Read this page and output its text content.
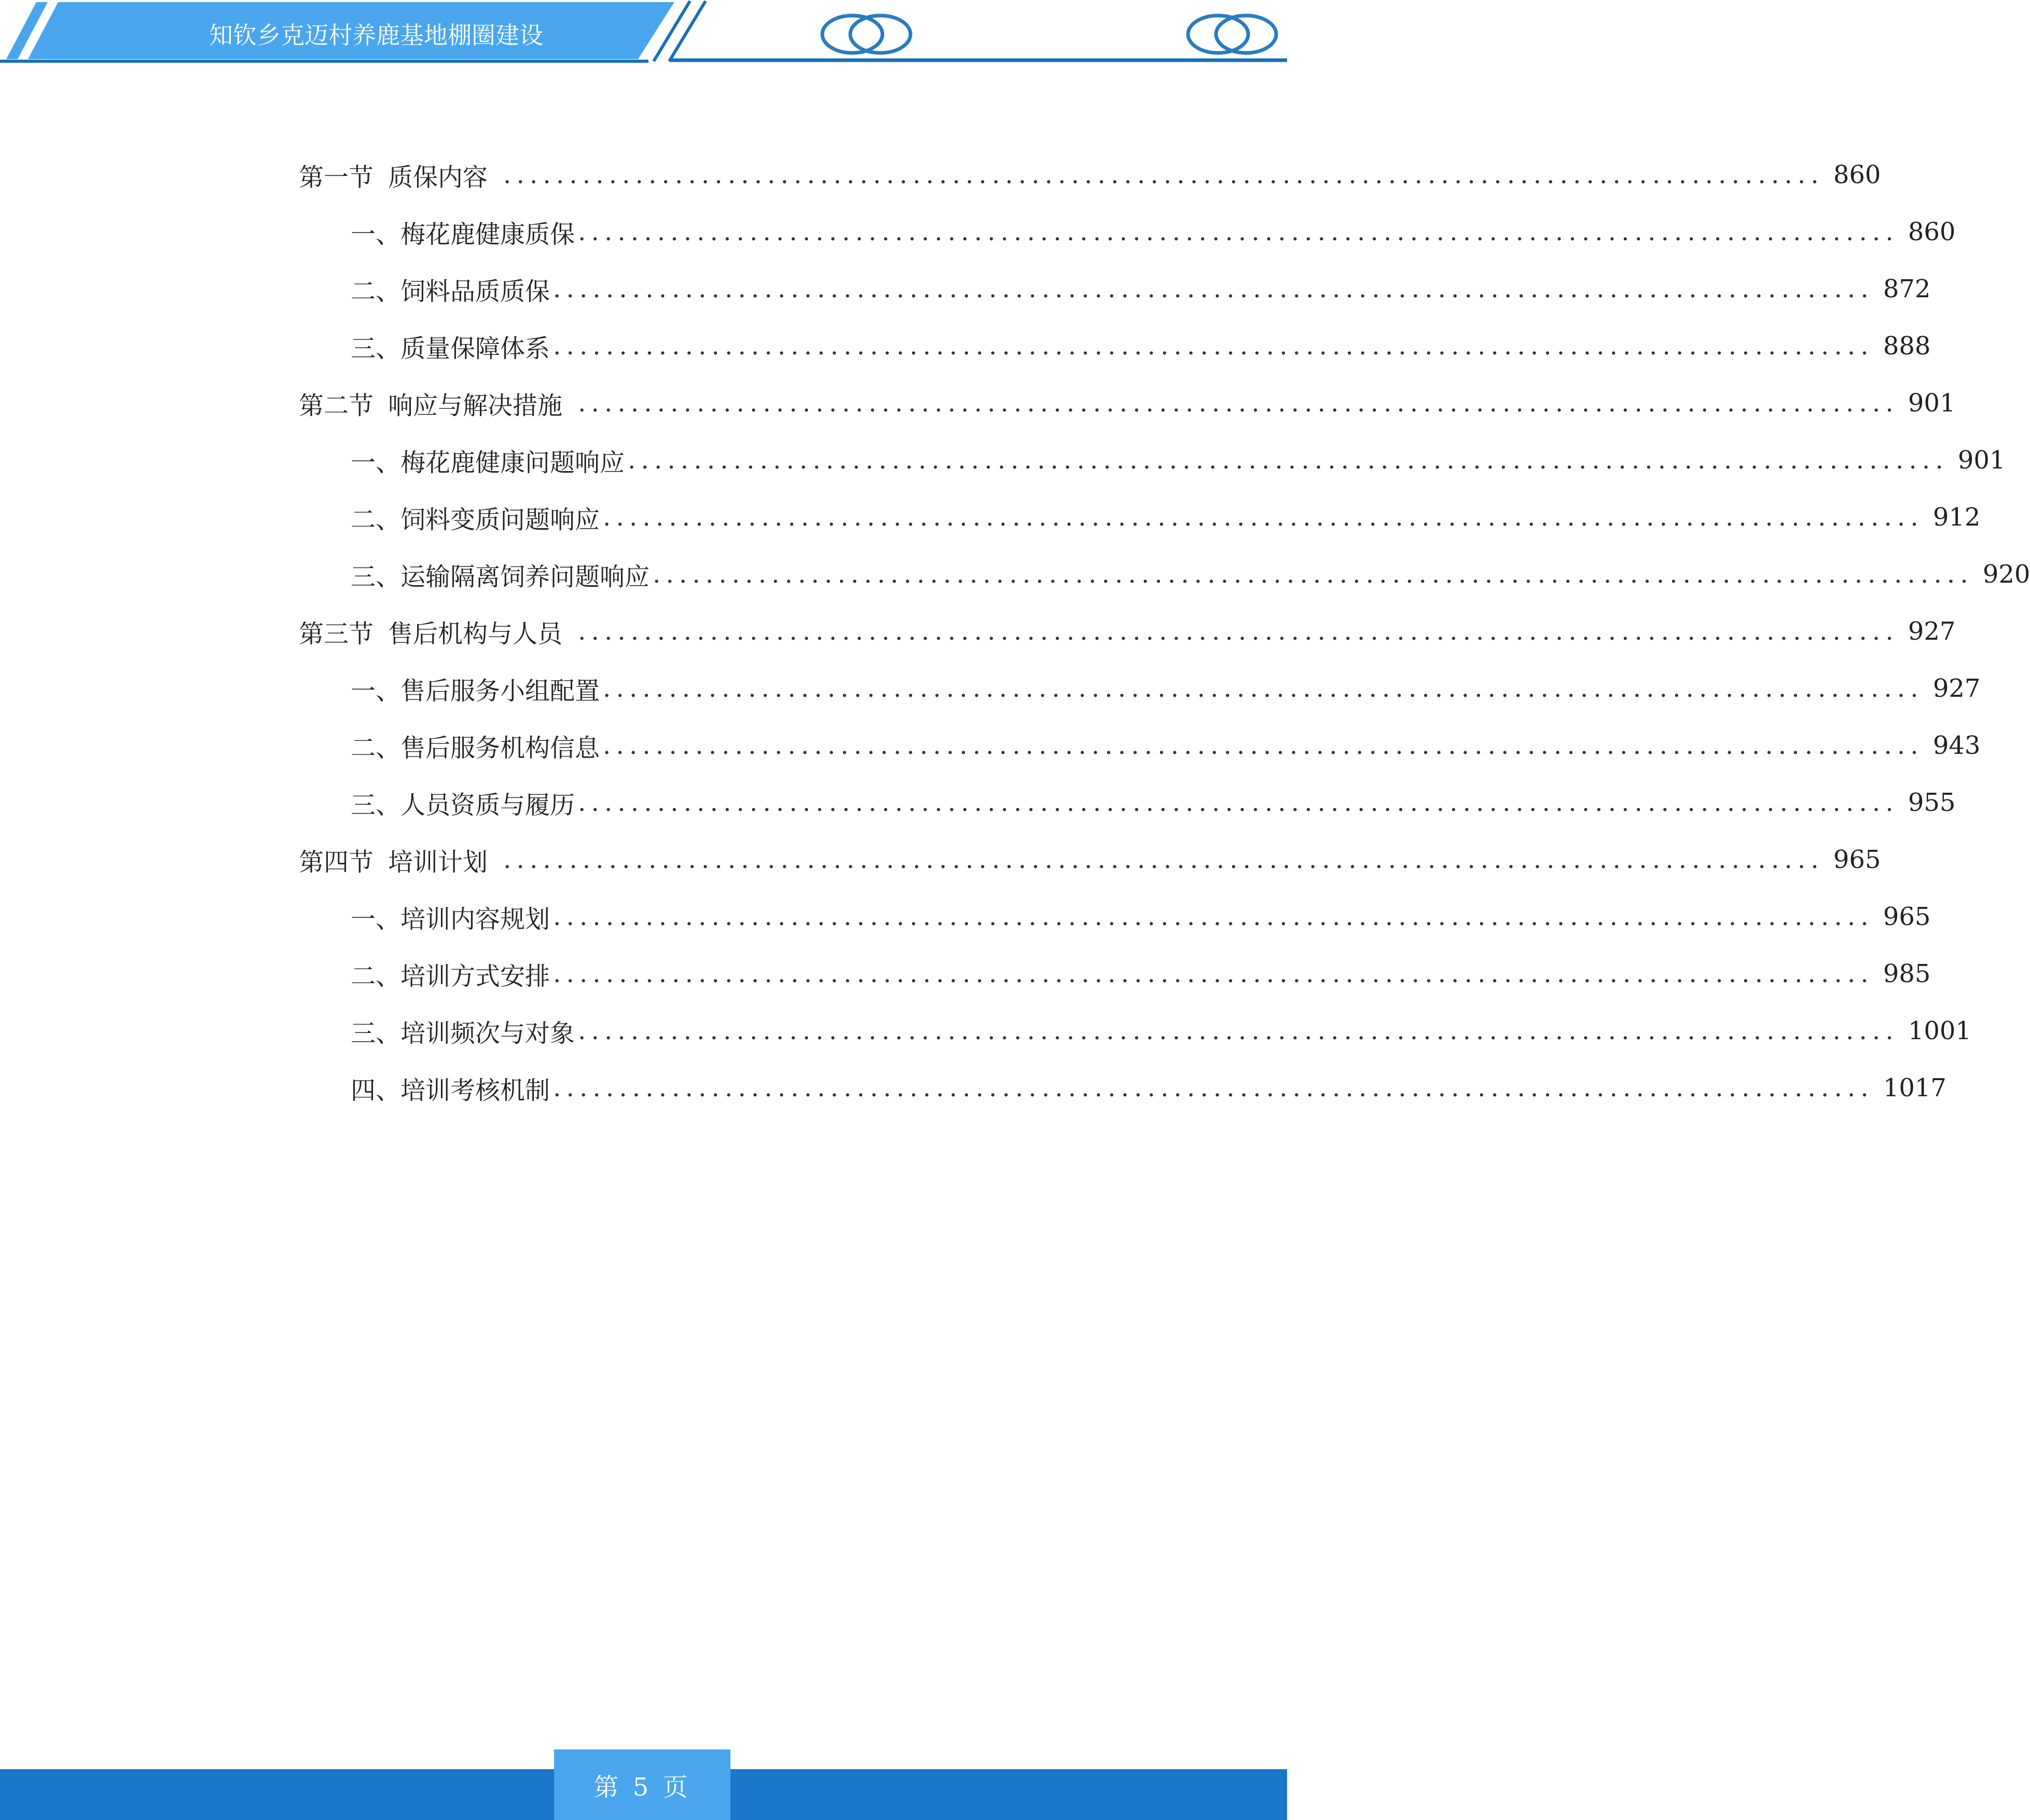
知钦乡克迈村养鹿基地棚圈建设
第一节 质保内容 .................................................................................................... 860
一、 梅花鹿健康质保 .................................................................................................... 860
二、 饲料品质质保 .................................................................................................... 872
三、 质量保障体系 .................................................................................................... 888
第二节 响应与解决措施 .................................................................................................... 901
一、 梅花鹿健康问题响应 .................................................................................................... 901
二、 饲料变质问题响应 .................................................................................................... 912
三、 运输隔离饲养问题响应 .................................................................................................... 920
第三节 售后机构与人员 .................................................................................................... 927
一、 售后服务小组配置 .................................................................................................... 927
二、 售后服务机构信息 .................................................................................................... 943
三、 人员资质与履历 .................................................................................................... 955
第四节 培训计划 .................................................................................................... 965
一、 培训内容规划 .................................................................................................... 965
二、 培训方式安排 .................................................................................................... 985
三、 培训频次与对象 .................................................................................................... 1001
四、 培训考核机制 .................................................................................................... 1017
第 5 页
